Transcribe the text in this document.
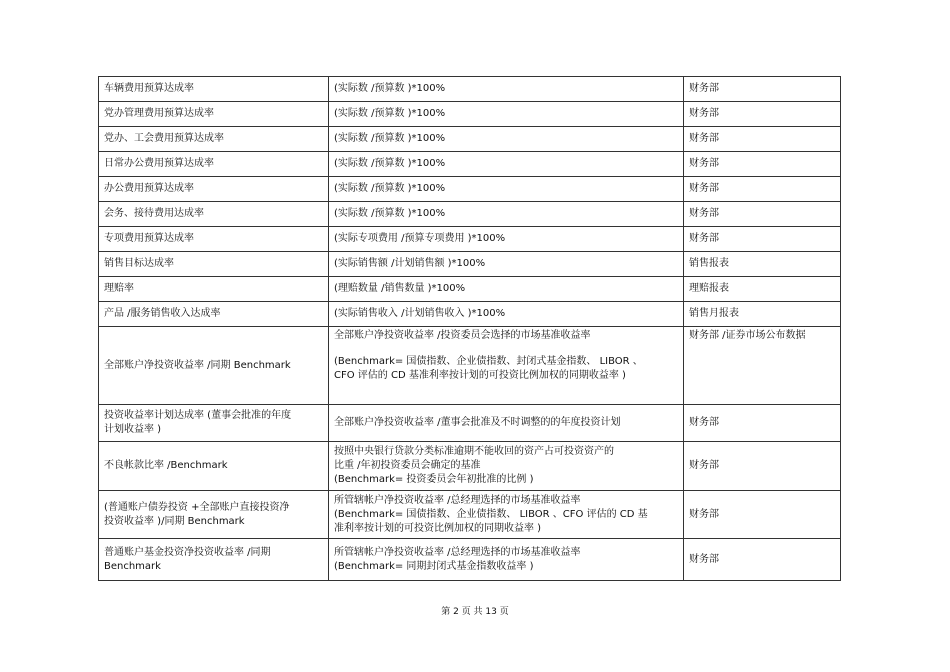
车辆费用预算达成率	(实际数 /预算数 )*100%	财务部

党办管理费用预算达成率	(实际数 /预算数 )*100%	财务部

党办、工会费用预算达成率	(实际数 /预算数 )*100%	财务部

日常办公费用预算达成率	(实际数 /预算数 )*100%	财务部

办公费用预算达成率	(实际数 /预算数 )*100%	财务部

会务、接待费用达成率	(实际数 /预算数 )*100%	财务部

专项费用预算达成率	(实际专项费用 /预算专项费用 )*100%	财务部

销售目标达成率	(实际销售额 /计划销售额 )*100%	销售报表

理赔率	(理赔数量 /销售数量 )*100%	理赔报表

产品 /服务销售收入达成率	(实际销售收入 /计划销售收入 )*100%	销售月报表

全部账户净投资收益率 /同期 Benchmark	全部账户净投资收益率 /投资委员会选择的市场基准收益率
(Benchmark= 国债指数、企业债指数、封闭式基金指数、 LIBOR 、
CFO 评估的 CD 基准利率按计划的可投资比例加权的同期收益率 )	财务部 /证券市场公布数据

投资收益率计划达成率 (董事会批准的年度
计划收益率 )	全部账户净投资收益率 /董事会批准及不时调整的的年度投资计划	财务部

不良帐款比率 /Benchmark	按照中央银行贷款分类标准逾期不能收回的资产占可投资资产的
比重 /年初投资委员会确定的基准
(Benchmark= 投资委员会年初批准的比例 )	财务部

(普通账户债券投资 +全部账户直接投资净
投资收益率 )/同期 Benchmark	所管辖帐户净投资收益率 /总经理选择的市场基准收益率
(Benchmark= 国债指数、企业债指数、 LIBOR 、CFO 评估的 CD 基
准利率按计划的可投资比例加权的同期收益率 )	财务部

普通账户基金投资净投资收益率 /同期
Benchmark	所管辖帐户净投资收益率 /总经理选择的市场基准收益率
(Benchmark= 同期封闭式基金指数收益率 )	财务部
第 2 页 共 13 页
